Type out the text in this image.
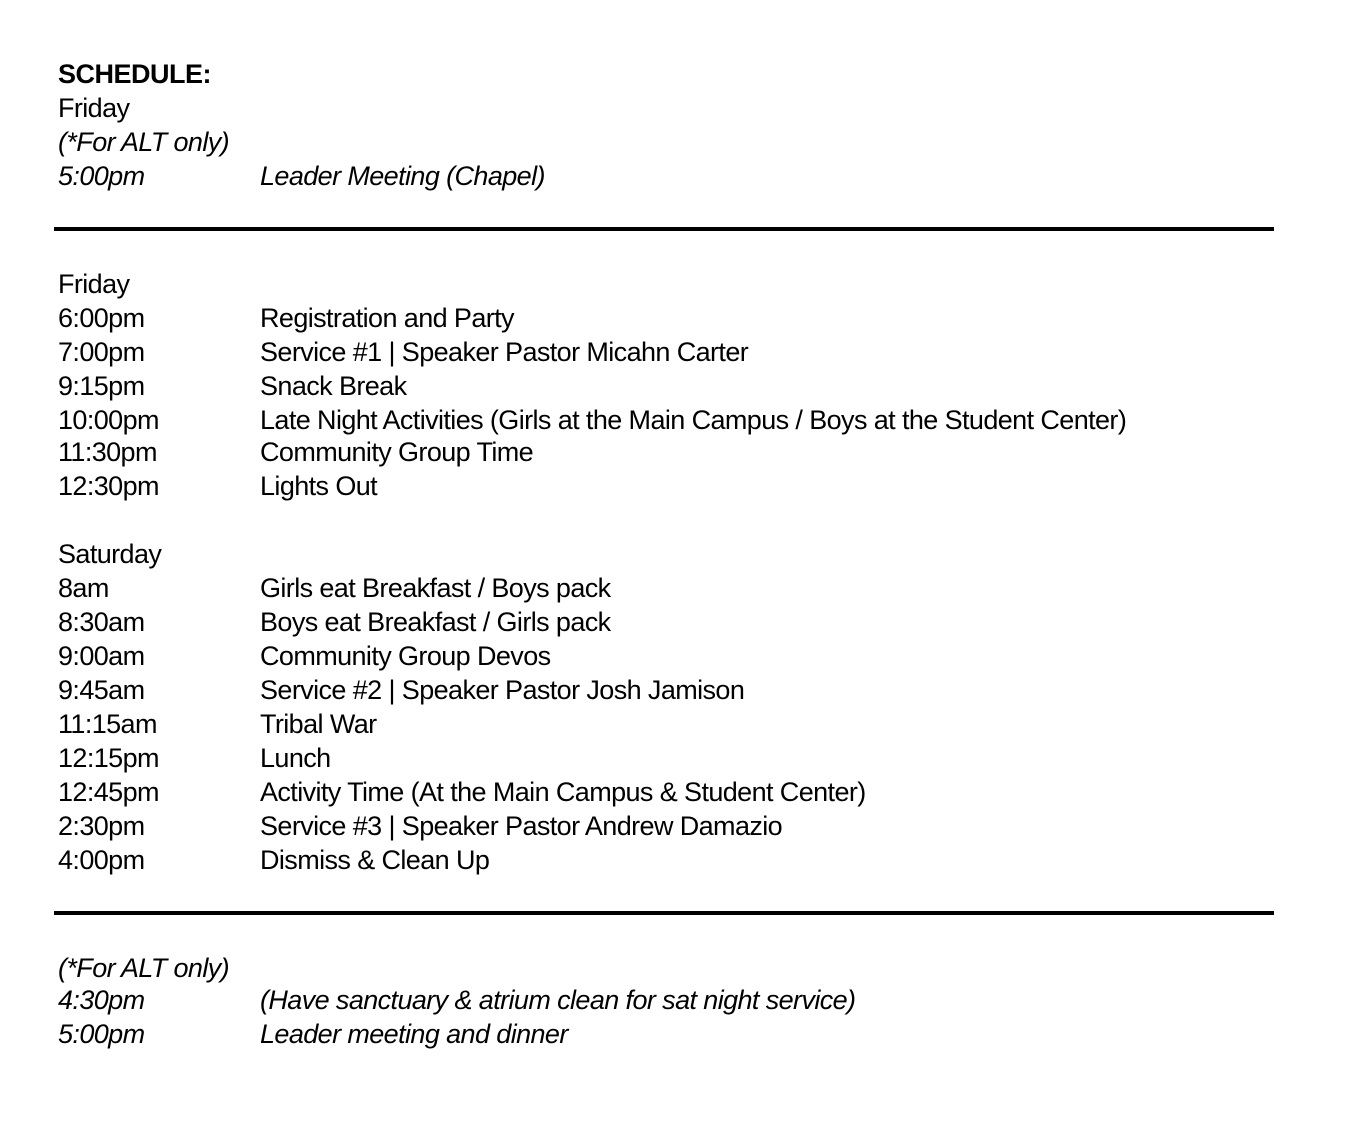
SCHEDULE:
Friday
(*For ALT only)
5:00pm	Leader Meeting (Chapel)
Friday
6:00pm	Registration and Party
7:00pm	Service #1 | Speaker Pastor Micahn Carter
9:15pm	Snack Break
10:00pm	Late Night Activities (Girls at the Main Campus / Boys at the Student Center)
11:30pm	Community Group Time
12:30pm	Lights Out
Saturday
8am	Girls eat Breakfast / Boys pack
8:30am	Boys eat Breakfast / Girls pack
9:00am	Community Group Devos
9:45am	Service #2 | Speaker Pastor Josh Jamison
11:15am	Tribal War
12:15pm	Lunch
12:45pm	Activity Time (At the Main Campus & Student Center)
2:30pm	Service #3 | Speaker Pastor Andrew Damazio
4:00pm	Dismiss & Clean Up
(*For ALT only)
4:30pm	(Have sanctuary & atrium clean for sat night service)
5:00pm	Leader meeting and dinner
